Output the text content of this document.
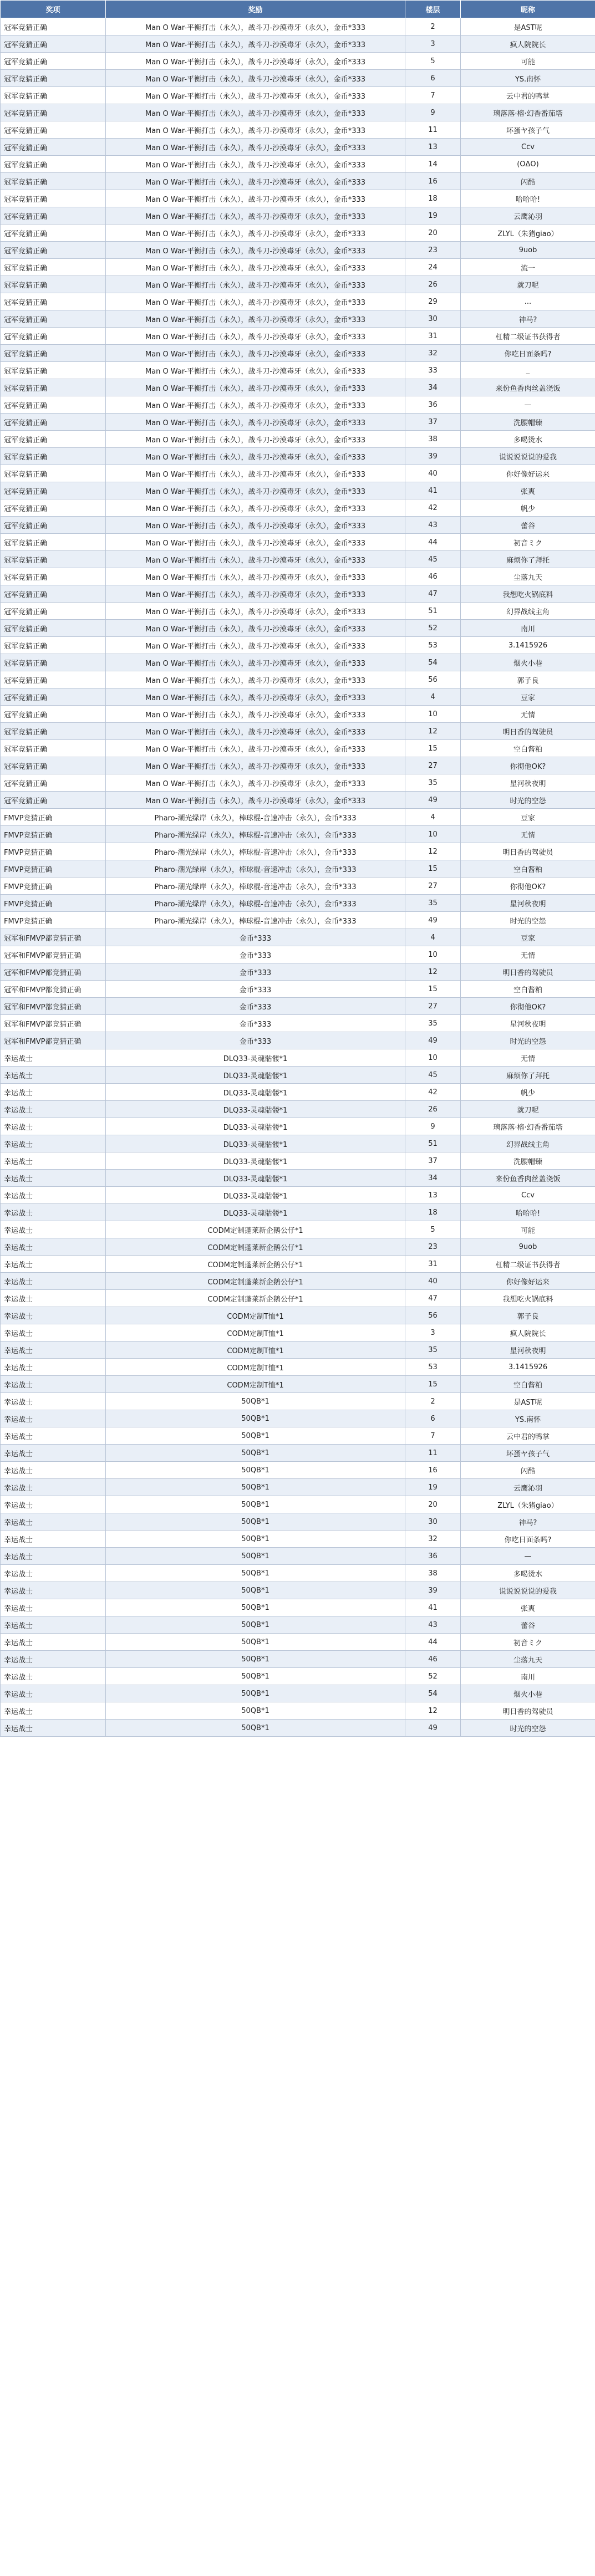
奖项	奖励	楼层	昵称
冠军竞猜正确	Man O War-平衡打击（永久），战斗刀-沙漠毒牙（永久），金币*333	2	是AST呢
冠军竞猜正确	Man O War-平衡打击（永久），战斗刀-沙漠毒牙（永久），金币*333	3	疯人院院长
冠军竞猜正确	Man O War-平衡打击（永久），战斗刀-沙漠毒牙（永久），金币*333	5	可能
冠军竞猜正确	Man O War-平衡打击（永久），战斗刀-沙漠毒牙（永久），金币*333	6	YS.南怀
冠军竞猜正确	Man O War-平衡打击（永久），战斗刀-沙漠毒牙（永久），金币*333	7	云中君的鸭掌
冠军竞猜正确	Man O War-平衡打击（永久），战斗刀-沙漠毒牙（永久），金币*333	9	璃落落·榕·幻香番茄塔
冠军竞猜正确	Man O War-平衡打击（永久），战斗刀-沙漠毒牙（永久），金币*333	11	坏蛋ヤ孩子气
冠军竞猜正确	Man O War-平衡打击（永久），战斗刀-沙漠毒牙（永久），金币*333	13	Ccv
冠军竞猜正确	Man O War-平衡打击（永久），战斗刀-沙漠毒牙（永久），金币*333	14	(OΔO)
冠军竞猜正确	Man O War-平衡打击（永久），战斗刀-沙漠毒牙（永久），金币*333	16	闪酷
冠军竞猜正确	Man O War-平衡打击（永久），战斗刀-沙漠毒牙（永久），金币*333	18	哈哈哈!
冠军竞猜正确	Man O War-平衡打击（永久），战斗刀-沙漠毒牙（永久），金币*333	19	云鹰沁羽
冠军竞猜正确	Man O War-平衡打击（永久），战斗刀-沙漠毒牙（永久），金币*333	20	ZLYL（朱猪giao）
冠军竞猜正确	Man O War-平衡打击（永久），战斗刀-沙漠毒牙（永久），金币*333	23	9uob
冠军竞猜正确	Man O War-平衡打击（永久），战斗刀-沙漠毒牙（永久），金币*333	24	流一
冠军竞猜正确	Man O War-平衡打击（永久），战斗刀-沙漠毒牙（永久），金币*333	26	就刀呢
冠军竞猜正确	Man O War-平衡打击（永久），战斗刀-沙漠毒牙（永久），金币*333	29	...
冠军竞猜正确	Man O War-平衡打击（永久），战斗刀-沙漠毒牙（永久），金币*333	30	神马?
冠军竞猜正确	Man O War-平衡打击（永久），战斗刀-沙漠毒牙（永久），金币*333	31	杠精二级证书获得者
冠军竞猜正确	Man O War-平衡打击（永久），战斗刀-沙漠毒牙（永久），金币*333	32	你吃日面条吗?
冠军竞猜正确	Man O War-平衡打击（永久），战斗刀-沙漠毒牙（永久），金币*333	33	_
冠军竞猜正确	Man O War-平衡打击（永久），战斗刀-沙漠毒牙（永久），金币*333	34	来份鱼香肉丝盖浇饭
冠军竞猜正确	Man O War-平衡打击（永久），战斗刀-沙漠毒牙（永久），金币*333	36	—
冠军竞猜正确	Man O War-平衡打击（永久），战斗刀-沙漠毒牙（永久），金币*333	37	洗腰帽臻
冠军竞猜正确	Man O War-平衡打击（永久），战斗刀-沙漠毒牙（永久），金币*333	38	多喝烫水
冠军竞猜正确	Man O War-平衡打击（永久），战斗刀-沙漠毒牙（永久），金币*333	39	说说说说说的爱我
冠军竞猜正确	Man O War-平衡打击（永久），战斗刀-沙漠毒牙（永久），金币*333	40	你好像好运来
冠军竞猜正确	Man O War-平衡打击（永久），战斗刀-沙漠毒牙（永久），金币*333	41	张爽
冠军竞猜正确	Man O War-平衡打击（永久），战斗刀-沙漠毒牙（永久），金币*333	42	帆少
冠军竞猜正确	Man O War-平衡打击（永久），战斗刀-沙漠毒牙（永久），金币*333	43	蕾谷
冠军竞猜正确	Man O War-平衡打击（永久），战斗刀-沙漠毒牙（永久），金币*333	44	初音ミク
冠军竞猜正确	Man O War-平衡打击（永久），战斗刀-沙漠毒牙（永久），金币*333	45	麻烦你了拜托
冠军竞猜正确	Man O War-平衡打击（永久），战斗刀-沙漠毒牙（永久），金币*333	46	尘落九天
冠军竞猜正确	Man O War-平衡打击（永久），战斗刀-沙漠毒牙（永久），金币*333	47	我想吃火锅底料
冠军竞猜正确	Man O War-平衡打击（永久），战斗刀-沙漠毒牙（永久），金币*333	51	幻界战线主角
冠军竞猜正确	Man O War-平衡打击（永久），战斗刀-沙漠毒牙（永久），金币*333	52	南川
冠军竞猜正确	Man O War-平衡打击（永久），战斗刀-沙漠毒牙（永久），金币*333	53	3.1415926
冠军竞猜正确	Man O War-平衡打击（永久），战斗刀-沙漠毒牙（永久），金币*333	54	烟火小巷
冠军竞猜正确	Man O War-平衡打击（永久），战斗刀-沙漠毒牙（永久），金币*333	56	郭子良
冠军竞猜正确	Man O War-平衡打击（永久），战斗刀-沙漠毒牙（永久），金币*333	4	豆家
冠军竞猜正确	Man O War-平衡打击（永久），战斗刀-沙漠毒牙（永久），金币*333	10	无情
冠军竞猜正确	Man O War-平衡打击（永久），战斗刀-沙漠毒牙（永久），金币*333	12	明日香的驾驶员
冠军竞猜正确	Man O War-平衡打击（永久），战斗刀-沙漠毒牙（永久），金币*333	15	空白酱粕
冠军竞猜正确	Man O War-平衡打击（永久），战斗刀-沙漠毒牙（永久），金币*333	27	你彻他OK?
冠军竞猜正确	Man O War-平衡打击（永久），战斗刀-沙漠毒牙（永久），金币*333	35	星河秋夜明
冠军竞猜正确	Man O War-平衡打击（永久），战斗刀-沙漠毒牙（永久），金币*333	49	时光的空怨
FMVP竞猜正确	Pharo-潮光绿岸（永久），棒球棍-音速冲击（永久），金币*333	4	豆家
FMVP竞猜正确	Pharo-潮光绿岸（永久），棒球棍-音速冲击（永久），金币*333	10	无情
FMVP竞猜正确	Pharo-潮光绿岸（永久），棒球棍-音速冲击（永久），金币*333	12	明日香的驾驶员
FMVP竞猜正确	Pharo-潮光绿岸（永久），棒球棍-音速冲击（永久），金币*333	15	空白酱粕
FMVP竞猜正确	Pharo-潮光绿岸（永久），棒球棍-音速冲击（永久），金币*333	27	你彻他OK?
FMVP竞猜正确	Pharo-潮光绿岸（永久），棒球棍-音速冲击（永久），金币*333	35	星河秋夜明
FMVP竞猜正确	Pharo-潮光绿岸（永久），棒球棍-音速冲击（永久），金币*333	49	时光的空怨
冠军和FMVP都竞猜正确	金币*333	4	豆家
冠军和FMVP都竞猜正确	金币*333	10	无情
冠军和FMVP都竞猜正确	金币*333	12	明日香的驾驶员
冠军和FMVP都竞猜正确	金币*333	15	空白酱粕
冠军和FMVP都竞猜正确	金币*333	27	你彻他OK?
冠军和FMVP都竞猜正确	金币*333	35	星河秋夜明
冠军和FMVP都竞猜正确	金币*333	49	时光的空怨
幸运战士	DLQ33-灵魂骷髅*1	10	无情
幸运战士	DLQ33-灵魂骷髅*1	45	麻烦你了拜托
幸运战士	DLQ33-灵魂骷髅*1	42	帆少
幸运战士	DLQ33-灵魂骷髅*1	26	就刀呢
幸运战士	DLQ33-灵魂骷髅*1	9	璃落落·榕·幻香番茄塔
幸运战士	DLQ33-灵魂骷髅*1	51	幻界战线主角
幸运战士	DLQ33-灵魂骷髅*1	37	洗腰帽臻
幸运战士	DLQ33-灵魂骷髅*1	34	来份鱼香肉丝盖浇饭
幸运战士	DLQ33-灵魂骷髅*1	13	Ccv
幸运战士	DLQ33-灵魂骷髅*1	18	哈哈哈!
幸运战士	CODM定制蓬莱新企鹅公仔*1	5	可能
幸运战士	CODM定制蓬莱新企鹅公仔*1	23	9uob
幸运战士	CODM定制蓬莱新企鹅公仔*1	31	杠精二级证书获得者
幸运战士	CODM定制蓬莱新企鹅公仔*1	40	你好像好运来
幸运战士	CODM定制蓬莱新企鹅公仔*1	47	我想吃火锅底料
幸运战士	CODM定制T恤*1	56	郭子良
幸运战士	CODM定制T恤*1	3	疯人院院长
幸运战士	CODM定制T恤*1	35	星河秋夜明
幸运战士	CODM定制T恤*1	53	3.1415926
幸运战士	CODM定制T恤*1	15	空白酱粕
幸运战士	50QB*1	2	是AST呢
幸运战士	50QB*1	6	YS.南怀
幸运战士	50QB*1	7	云中君的鸭掌
幸运战士	50QB*1	11	坏蛋ヤ孩子气
幸运战士	50QB*1	16	闪酷
幸运战士	50QB*1	19	云鹰沁羽
幸运战士	50QB*1	20	ZLYL（朱猪giao）
幸运战士	50QB*1	30	神马?
幸运战士	50QB*1	32	你吃日面条吗?
幸运战士	50QB*1	36	—
幸运战士	50QB*1	38	多喝烫水
幸运战士	50QB*1	39	说说说说说的爱我
幸运战士	50QB*1	41	张爽
幸运战士	50QB*1	43	蕾谷
幸运战士	50QB*1	44	初音ミク
幸运战士	50QB*1	46	尘落九天
幸运战士	50QB*1	52	南川
幸运战士	50QB*1	54	烟火小巷
幸运战士	50QB*1	12	明日香的驾驶员
幸运战士	50QB*1	49	时光的空怨
